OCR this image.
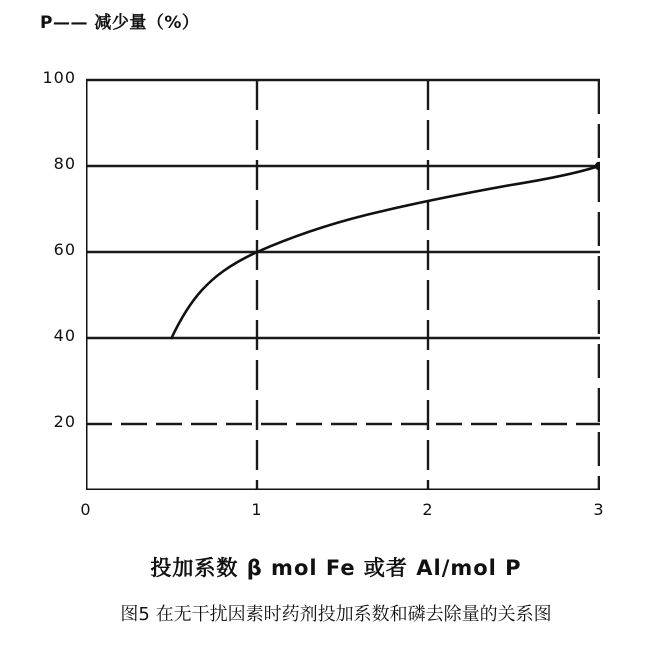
P—— 减少量（%）
100
80
60
40
20
0	1	2	3
投加系数 β mol Fe 或者 Al/mol P
图5 在无干扰因素时药剂投加系数和磷去除量的关系图
